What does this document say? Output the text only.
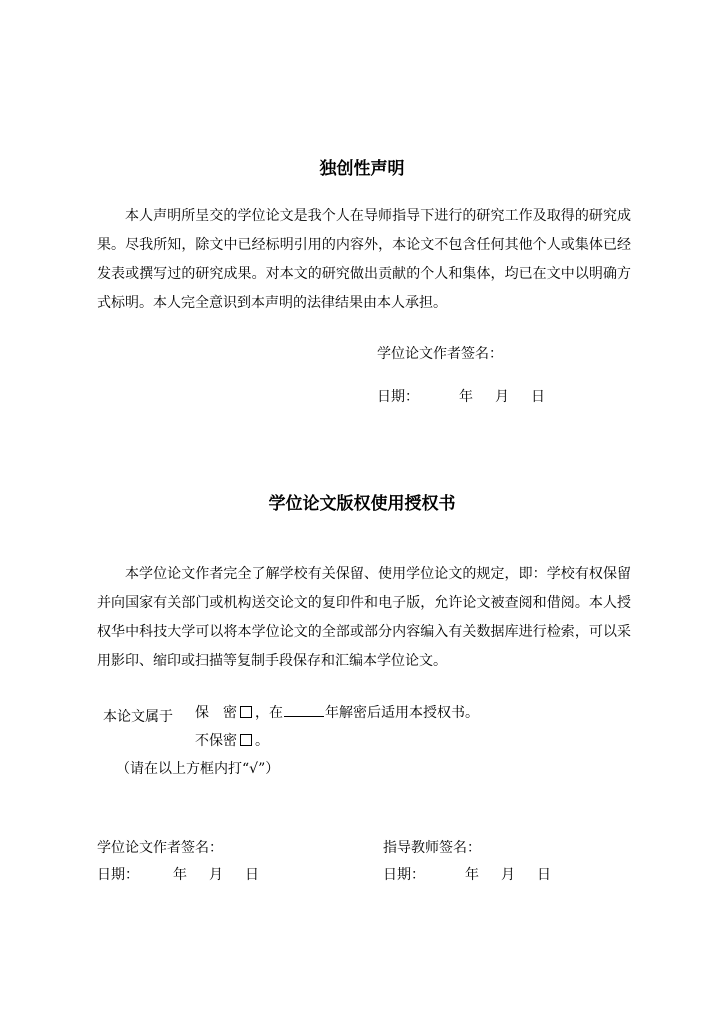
独创性声明
本人声明所呈交的学位论文是我个人在导师指导下进行的研究工作及取得的研究成果。尽我所知，除文中已经标明引用的内容外，本论文不包含任何其他个人或集体已经发表或撰写过的研究成果。对本文的研究做出贡献的个人和集体，均已在文中以明确方式标明。本人完全意识到本声明的法律结果由本人承担。
学位论文作者签名：
日期：	年 月 日
学位论文版权使用授权书
本学位论文作者完全了解学校有关保留、使用学位论文的规定，即：学校有权保留并向国家有关部门或机构送交论文的复印件和电子版，允许论文被查阅和借阅。本人授权华中科技大学可以将本学位论文的全部或部分内容编入有关数据库进行检索，可以采用影印、缩印或扫描等复制手段保存和汇编本学位论文。
本论文属于 保　密 ，在	年解密后适用本授权书。
不保密 。
（请在以上方框内打“√”）
学位论文作者签名：	指导教师签名：
日期： 年 月 日	日期：	年 月 日
